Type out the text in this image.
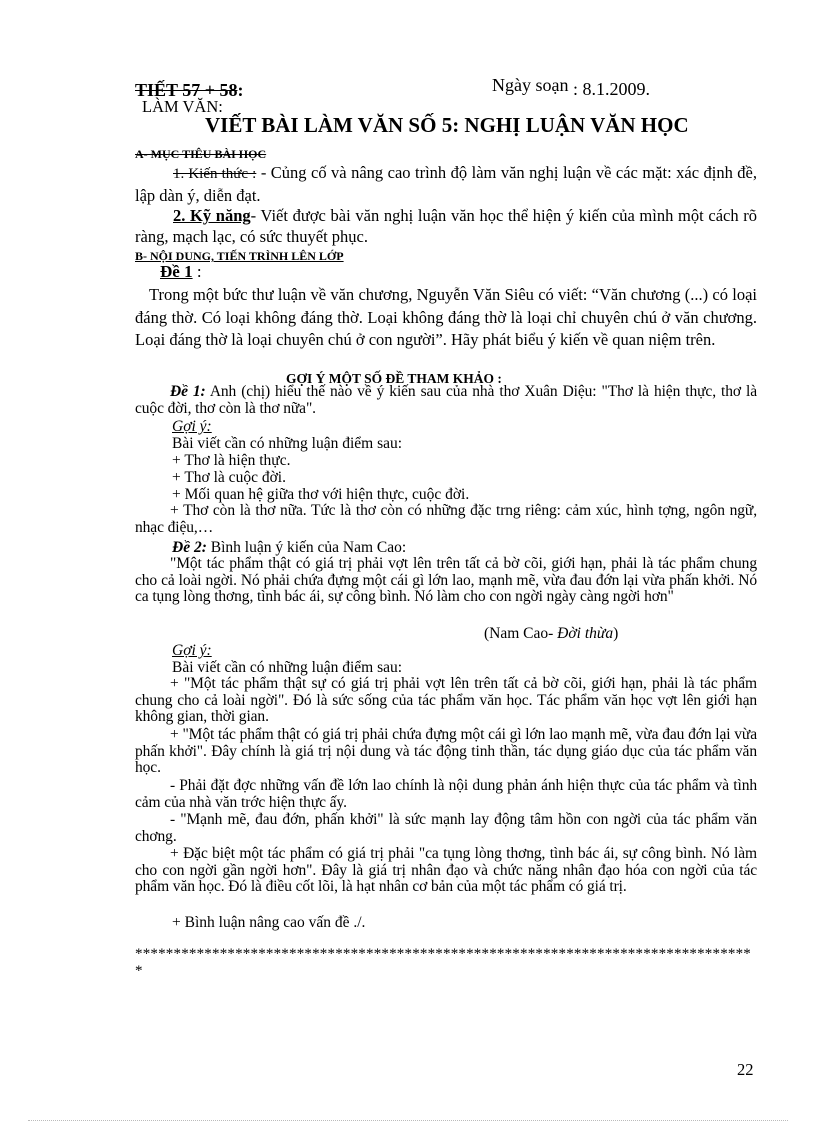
TIẾT 57 + 58:	Ngày soạn : 8.1.2009.
LÀM VĂN:
VIẾT BÀI LÀM VĂN SỐ 5: NGHỊ LUẬN VĂN HỌC
A- MỤC TIÊU BÀI HỌC
1. Kiến thức : - Củng cố và nâng cao trình độ làm văn nghị luận về các mặt: xác định đề, lập dàn ý, diễn đạt.
2. Kỹ năng- Viết được bài văn nghị luận văn học thể hiện ý kiến của mình một cách rõ ràng, mạch lạc, có sức thuyết phục.
B- NỘI DUNG, TIẾN TRÌNH LÊN LỚP
Đề 1 :
Trong một bức thư luận về văn chương, Nguyễn Văn Siêu có viết: “Văn chương (...) có loại đáng thờ. Có loại không đáng thờ. Loại không đáng thờ là loại chỉ chuyên chú ở văn chương. Loại đáng thờ là loại chuyên chú ở con người”. Hãy phát biểu ý kiến về quan niệm trên.
GỢI Ý MỘT SỐ ĐỀ THAM KHẢO :
Đề 1: Anh (chị) hiểu thế nào về ý kiến sau của nhà thơ Xuân Diệu: "Thơ là hiện thực, thơ là cuộc đời, thơ còn là thơ nữa".
Gợi ý:
Bài viết cần có những luận điểm sau:
+ Thơ là hiện thực.
+ Thơ là cuộc đời.
+ Mối quan hệ giữa thơ với hiện thực, cuộc đời.
+ Thơ còn là thơ nữa. Tức là thơ còn có những đặc trng riêng: cảm xúc, hình tợng, ngôn ngữ, nhạc điệu,…
Đề 2: Bình luận ý kiến của Nam Cao:
"Một tác phẩm thật có giá trị phải vợt lên trên tất cả bờ cõi, giới hạn, phải là tác phẩm chung cho cả loài ngời. Nó phải chứa đựng một cái gì lớn lao, mạnh mẽ, vừa đau đớn lại vừa phấn khởi. Nó ca tụng lòng thơng, tình bác ái, sự công bình. Nó làm cho con ngời ngày càng ngời hơn"
(Nam Cao- Đời thừa)
Gợi ý:
Bài viết cần có những luận điểm sau:
+ "Một tác phẩm thật sự có giá trị phải vợt lên trên tất cả bờ cõi, giới hạn, phải là tác phẩm chung cho cả loài ngời". Đó là sức sống của tác phẩm văn học. Tác phẩm văn học vợt lên giới hạn không gian, thời gian.
+ "Một tác phẩm thật có giá trị phải chứa đựng một cái gì lớn lao mạnh mẽ, vừa đau đớn lại vừa phấn khởi". Đây chính là giá trị nội dung và tác động tinh thần, tác dụng giáo dục của tác phẩm văn học.
- Phải đặt đợc những vấn đề lớn lao chính là nội dung phản ánh hiện thực của tác phẩm và tình cảm của nhà văn trớc hiện thực ấy.
- "Mạnh mẽ, đau đớn, phấn khởi" là sức mạnh lay động tâm hồn con ngời của tác phẩm văn chơng.
+ Đặc biệt một tác phẩm có giá trị phải "ca tụng lòng thơng, tình bác ái, sự công bình. Nó làm cho con ngời gần ngời hơn". Đây là giá trị nhân đạo và chức năng nhân đạo hóa con ngời của tác phẩm văn học. Đó là điều cốt lõi, là hạt nhân cơ bản của một tác phẩm có giá trị.
+ Bình luận nâng cao vấn đề ./.
*********************************************************************************
22
